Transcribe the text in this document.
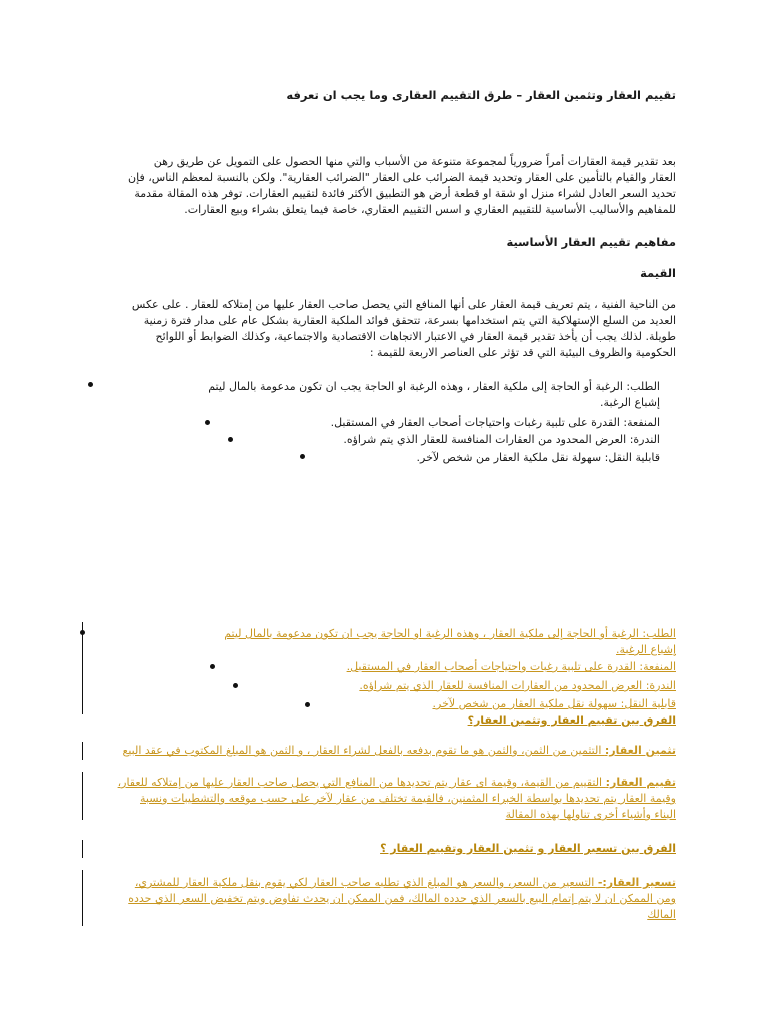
تقييم العقار وتثمين العقار – طرق التقييم العقارى وما يجب ان تعرفه
بعد تقدير قيمة العقارات أمراً ضرورياً لمجموعة متنوعة من الأسباب والتي منها الحصول على التمويل عن طريق رهن
العقار والقيام بالتأمين على العقار وتحديد قيمة الضرائب على العقار "الضرائب العقارية". ولكن بالنسبة لمعظم الناس، فإن
تحديد السعر العادل لشراء منزل او شقة او قطعة أرض هو التطبيق الأكثر فائدة لتقييم العقارات. توفر هذه المقالة مقدمة
للمفاهيم والأساليب الأساسية للتقييم العقاري و اسس التقييم العقاري، خاصة فيما يتعلق بشراء وبيع العقارات.
مفاهيم تقييم العقار الأساسية
القيمة
من الناحية الفنية ، يتم تعريف قيمة العقار على أنها المنافع التي يحصل صاحب العقار عليها من إمتلاكه للعقار . على عكس
العديد من السلع الإستهلاكية التي يتم استخدامها بسرعة، تتحقق فوائد الملكية العقارية بشكل عام على مدار فترة زمنية
طويلة. لذلك يجب أن يأخذ تقدير قيمة العقار في الاعتبار الاتجاهات الاقتصادية والاجتماعية، وكذلك الضوابط أو اللوائح
الحكومية والظروف البيئية التي قد تؤثر على العناصر الاربعة للقيمة :
الطلب: الرغبة أو الحاجة إلى ملكية العقار ، وهذه الرغبة او الحاجة يجب ان تكون مدعومة بالمال ليتم
إشباع الرغبة.
المنفعة: القدرة على تلبية رغبات واحتياجات أصحاب العقار في المستقبل.
الندرة: العرض المحدود من العقارات المنافسة للعقار الذي يتم شراؤه.
قابلية النقل: سهولة نقل ملكية العقار من شخص لآخر.
الطلب: الرغبة أو الحاجة إلى ملكية العقار ، وهذه الرغبة او الحاجة يجب ان تكون مدعومة بالمال ليتم
إشباع الرغبة.
المنفعة: القدرة على تلبية رغبات واحتياجات أصحاب العقار في المستقبل.
الندرة: العرض المحدود من العقارات المنافسة للعقار الذي يتم شراؤه.
قابلية النقل: سهولة نقل ملكية العقار من شخص لآخر.
الفرق بين تقييم العقار وتثمين العقار؟
تثمين العقار: التثمين من الثمن، والثمن هو ما تقوم بدفعه بالفعل لشراء العقار ، و الثمن هو المبلغ المكتوب في عقد البيع
تقييم العقار: التقييم من القيمة، وقيمة اى عقار يتم تحديدها من المنافع التي يحصل صاحب العقار عليها من إمتلاكه للعقار،
وقيمة العقار يتم تحديدها بواسطة الخبراء المثمنين، فالقيمة تختلف من عقار لآخر على حسب موقعه والتشطيبات ونسبة
البناء وأشياء أخرى تناولها بهذه المقالة
الفرق بين تسعير العقار و تثمين العقار وتقييم العقار ؟
تسعير العقار:- التسعير من السعر، والسعر هو المبلغ الذي تطلبه صاحب العقار لكي يقوم بنقل ملكية العقار للمشتري،
ومن الممكن ان لا يتم إتمام البيع بالسعر الذي حدده المالك، فمن الممكن ان يحدث تفاوض ويتم تخفيض السعر الذي حدده
المالك
